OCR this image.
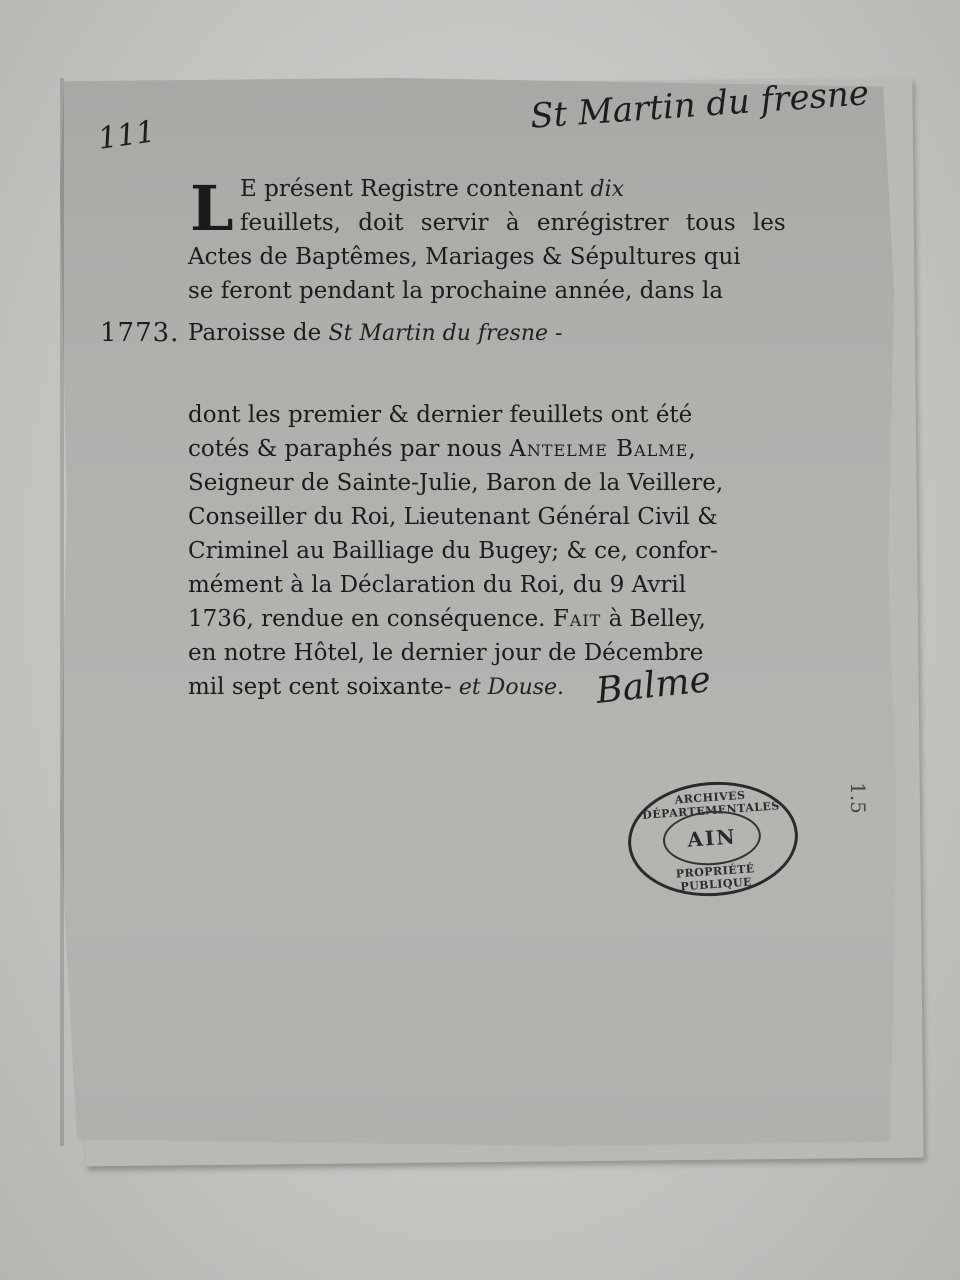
St Martin du fresne
111
1773.
L E présent Registre contenant dix
feuillets, doit servir à enrégistrer tous les
Actes de Baptêmes, Mariages & Sépultures qui
se feront pendant la prochaine année, dans la
Paroisse de St Martin du fresne -
dont les premier & dernier feuillets ont été
cotés & paraphés par nous Antelme Balme,
Seigneur de Sainte-Julie, Baron de la Veillere,
Conseiller du Roi, Lieutenant Général Civil &
Criminel au Bailliage du Bugey; & ce, confor-
mément à la Déclaration du Roi, du 9 Avril
1736, rendue en conséquence. Fait à Belley,
en notre Hôtel, le dernier jour de Décembre
mil sept cent soixante- et Douse. Balme
ARCHIVES DÉPARTEMENTALES
AIN
PROPRIÉTÉ PUBLIQUE
1.5
